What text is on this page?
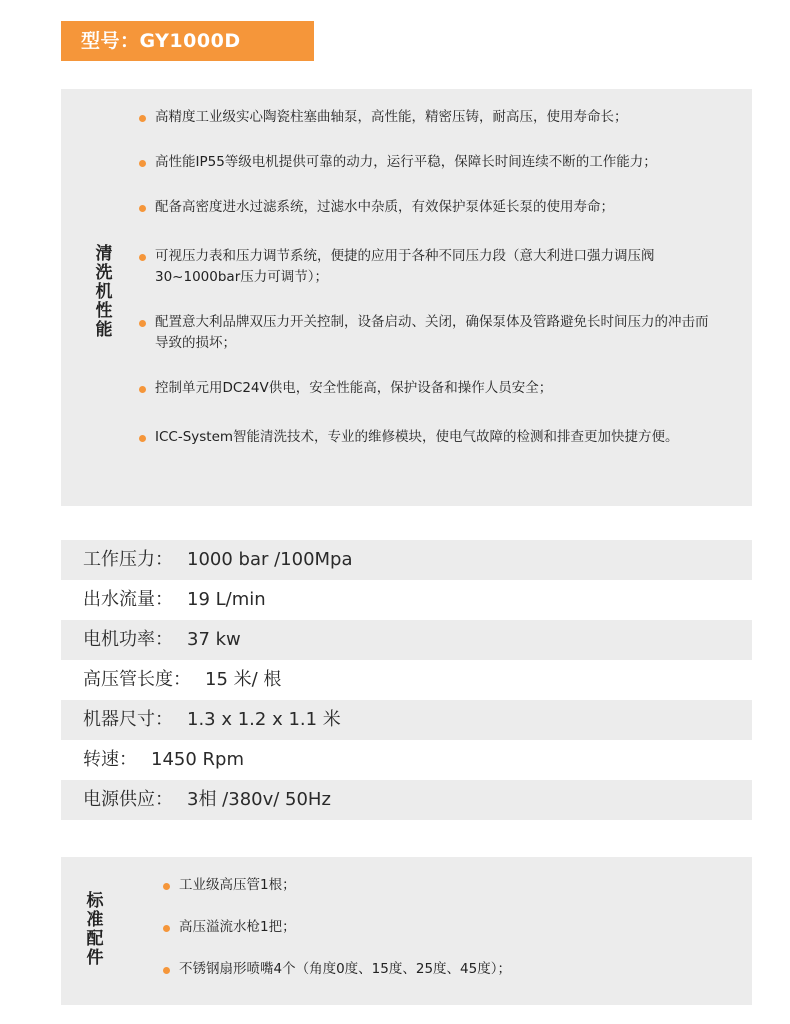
型号：GY1000D
清
洗
机
性
能
高精度工业级实心陶瓷柱塞曲轴泵，高性能，精密压铸，耐高压，使用寿命长；
高性能IP55等级电机提供可靠的动力，运行平稳，保障长时间连续不断的工作能力；
配备高密度进水过滤系统，过滤水中杂质，有效保护泵体延长泵的使用寿命；
可视压力表和压力调节系统，便捷的应用于各种不同压力段（意大利进口强力调压阀30~1000bar压力可调节）；
配置意大利品牌双压力开关控制，设备启动、关闭，确保泵体及管路避免长时间压力的冲击而导致的损坏；
控制单元用DC24V供电，安全性能高，保护设备和操作人员安全；
ICC-System智能清洗技术，专业的维修模块，使电气故障的检测和排查更加快捷方便。
工作压力： 1000 bar /100Mpa
出水流量： 19 L/min
电机功率： 37 kw
高压管长度： 15 米/ 根
机器尺寸： 1.3 x 1.2 x 1.1 米
转速： 1450 Rpm
电源供应： 3相 /380v/ 50Hz
标
准
配
件
工业级高压管1根；
高压溢流水枪1把；
不锈钢扇形喷嘴4个（角度0度、15度、25度、45度）；
